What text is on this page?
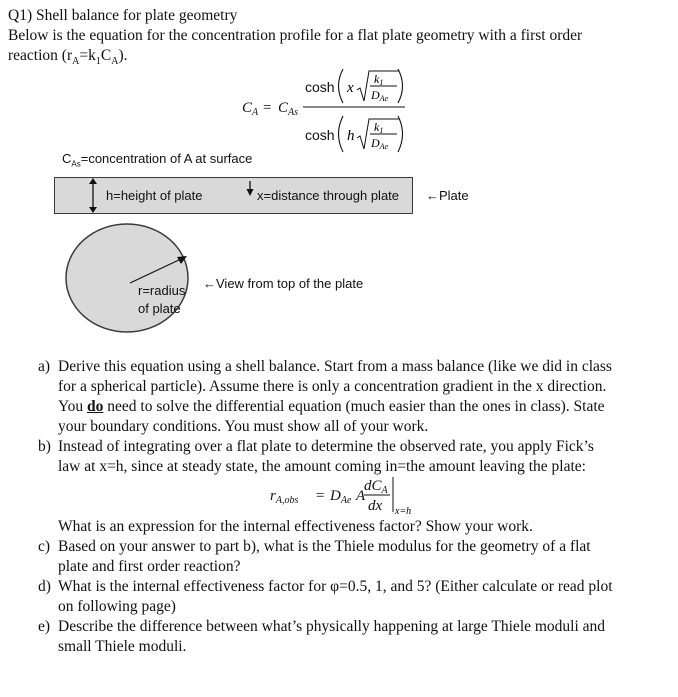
Q1) Shell balance for plate geometry
Below is the equation for the concentration profile for a flat plate geometry with a first order
reaction $(r_A=k_1C_A)$.
$C_A = C_{As}$
cosh x
k1
DAe
cosh h
k1
DAe
$C_{As}=concentration$ of A at surface
h=height of plate	x=distance through plate ←Plate
r=radius
of plate
←View from top of the plate
a) Derive this equation using a shell balance. Start from a mass balance (like we did in class
for a spherical particle). Assume there is only a concentration gradient in the x direction.
You do need to solve the differential equation (much easier than the ones in class). State
your boundary conditions. You must show all of your work.
b) Instead of integrating over a flat plate to determine the observed rate, you apply Fick’s
law at x=h, since at steady state, the amount coming in=the amount leaving the plate:
$r_{A,obs} = D_{Ae}$ A
$dC_A$
dx x=h
What is an expression for the internal effectiveness factor? Show your work.
c) Based on your answer to part b), what is the Thiele modulus for the geometry of a flat
plate and first order reaction?
d) What is the internal effectiveness factor for φ=0.5, 1, and 5? (Either calculate or read plot
on following page)
e) Describe the difference between what’s physically happening at large Thiele moduli and
small Thiele moduli.
